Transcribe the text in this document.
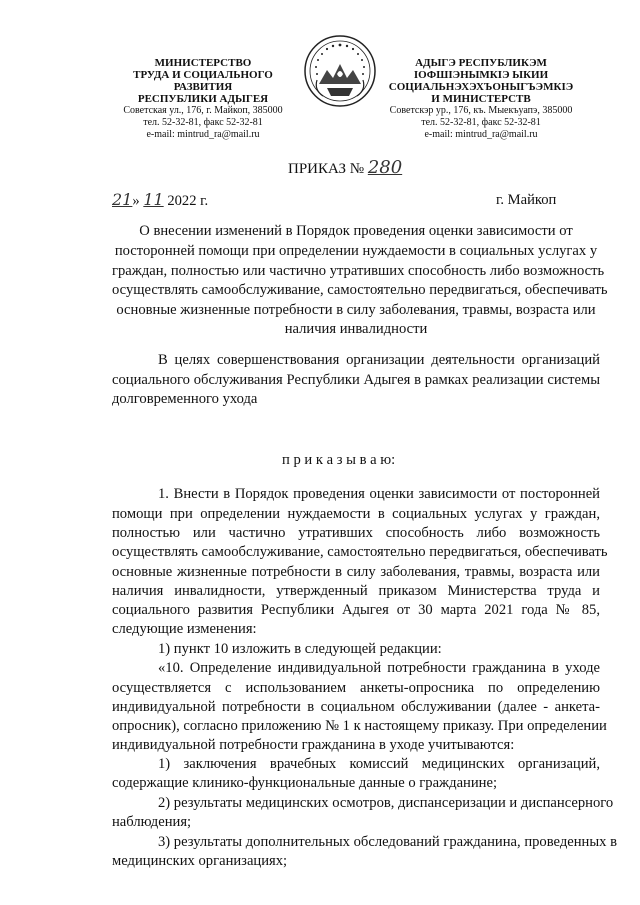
МИНИСТЕРСТВО
ТРУДА И СОЦИАЛЬНОГО
РАЗВИТИЯ
РЕСПУБЛИКИ АДЫГЕЯ
Советская ул., 176, г. Майкоп, 385000
тел. 52-32-81, факс 52-32-81
e-mail: mintrud_ra@mail.ru
АДЫГЭ РЕСПУБЛИКЭМ
IОФШIЭНЫМКIЭ ЫКИИ
СОЦИАЛЬНЭХЭХЪОНЫГЪЭМКIЭ
И МИНИСТЕРСТВ
Советскэр ур., 176, къ. Мыекъуапэ, 385000
тел. 52-32-81, факс 52-32-81
e-mail: mintrud_ra@mail.ru
ПРИКАЗ № 280
21» 11 2022 г.	г. Майкоп
О внесении изменений в Порядок проведения оценки зависимости от
посторонней помощи при определении нуждаемости в социальных услугах у
граждан, полностью или частично утративших способность либо возможность
осуществлять самообслуживание, самостоятельно передвигаться, обеспечивать
основные жизненные потребности в силу заболевания, травмы, возраста или
наличия инвалидности
В целях совершенствования организации деятельности организаций
социального обслуживания Республики Адыгея в рамках реализации системы
долговременного ухода
п р и к а з ы в а ю:
1. Внести в Порядок проведения оценки зависимости от посторонней
помощи при определении нуждаемости в социальных услугах у граждан,
полностью или частично утративших способность либо возможность
осуществлять самообслуживание, самостоятельно передвигаться, обеспечивать
основные жизненные потребности в силу заболевания, травмы, возраста или
наличия инвалидности, утвержденный приказом Министерства труда и
социального развития Республики Адыгея от 30 марта 2021 года № 85,
следующие изменения:
1) пункт 10 изложить в следующей редакции:
«10. Определение индивидуальной потребности гражданина в уходе
осуществляется с использованием анкеты-опросника по определению
индивидуальной потребности в социальном обслуживании (далее - анкета-
опросник), согласно приложению № 1 к настоящему приказу. При определении
индивидуальной потребности гражданина в уходе учитываются:
1) заключения врачебных комиссий медицинских организаций,
содержащие клинико-функциональные данные о гражданине;
2) результаты медицинских осмотров, диспансеризации и диспансерного
наблюдения;
3) результаты дополнительных обследований гражданина, проведенных в
медицинских организациях;
